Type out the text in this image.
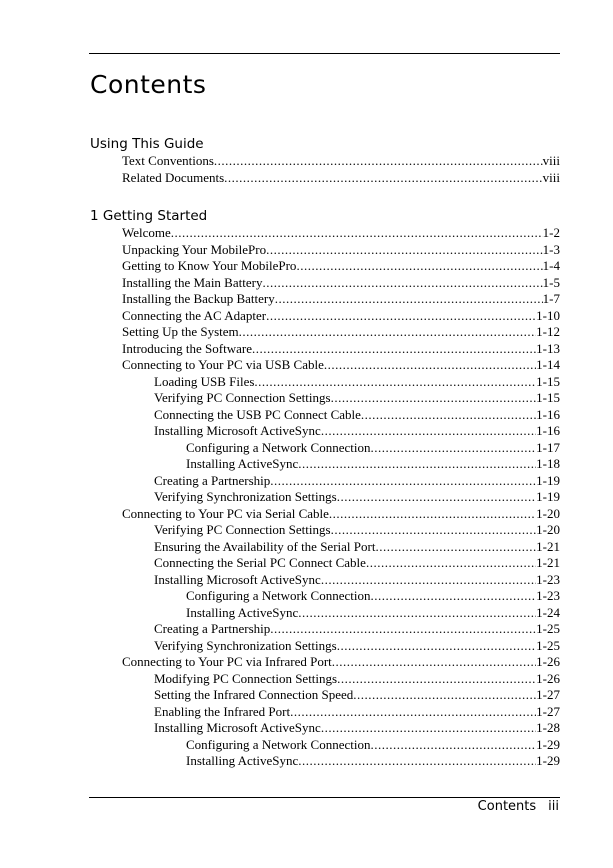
Contents
Using This Guide
Text Conventions .....	viii
Related Documents .....	viii
1 Getting Started
Welcome .....	1-2
Unpacking Your MobilePro .....	1-3
Getting to Know Your MobilePro .....	1-4
Installing the Main Battery .....	1-5
Installing the Backup Battery .....	1-7
Connecting the AC Adapter .....	1-10
Setting Up the System .....	1-12
Introducing the Software .....	1-13
Connecting to Your PC via USB Cable .....	1-14
Loading USB Files .....	1-15
Verifying PC Connection Settings .....	1-15
Connecting the USB PC Connect Cable .....	1-16
Installing Microsoft ActiveSync .....	1-16
Configuring a Network Connection .....	1-17
Installing ActiveSync .....	1-18
Creating a Partnership .....	1-19
Verifying Synchronization Settings .....	1-19
Connecting to Your PC via Serial Cable .....	1-20
Verifying PC Connection Settings .....	1-20
Ensuring the Availability of the Serial Port .....	1-21
Connecting the Serial PC Connect Cable .....	1-21
Installing Microsoft ActiveSync .....	1-23
Configuring a Network Connection .....	1-23
Installing ActiveSync .....	1-24
Creating a Partnership .....	1-25
Verifying Synchronization Settings .....	1-25
Connecting to Your PC via Infrared Port .....	1-26
Modifying PC Connection Settings .....	1-26
Setting the Infrared Connection Speed .....	1-27
Enabling the Infrared Port .....	1-27
Installing Microsoft ActiveSync .....	1-28
Configuring a Network Connection .....	1-29
Installing ActiveSync .....	1-29
Contents iii
